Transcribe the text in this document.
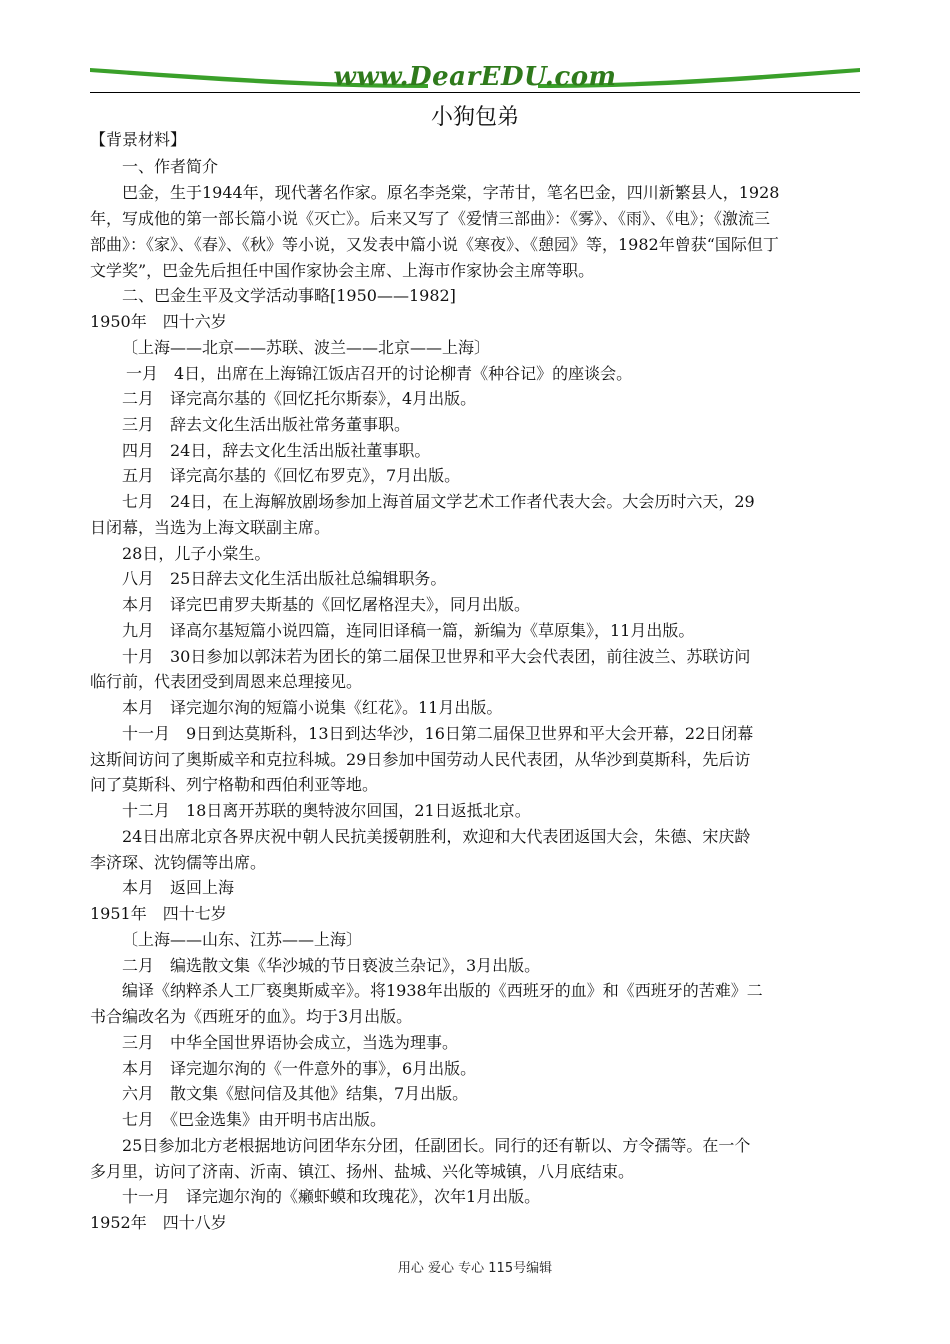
www.DearEDU.com
小狗包弟
【背景材料】
一、作者简介
巴金，生于1944年，现代著名作家。原名李尧棠，字芾甘，笔名巴金，四川新繁县人，1928
年，写成他的第一部长篇小说《灭亡》。后来又写了《爱情三部曲》：《雾》、《雨》、《电》；《激流三
部曲》：《家》、《春》、《秋》等小说，又发表中篇小说《寒夜》、《憩园》等，1982年曾获“国际但丁
文学奖”，巴金先后担任中国作家协会主席、上海市作家协会主席等职。
二、巴金生平及文学活动事略[1950——1982]
1950年　四十六岁
〔上海——北京——苏联、波兰——北京——上海〕
一月　4日，出席在上海锦江饭店召开的讨论柳青《种谷记》的座谈会。
二月　译完高尔基的《回忆托尔斯泰》，4月出版。
三月　辞去文化生活出版社常务董事职。
四月　24日，辞去文化生活出版社董事职。
五月　译完高尔基的《回忆布罗克》，7月出版。
七月　24日，在上海解放剧场参加上海首届文学艺术工作者代表大会。大会历时六天，29
日闭幕，当选为上海文联副主席。
28日，儿子小棠生。
八月　25日辞去文化生活出版社总编辑职务。
本月　译完巴甫罗夫斯基的《回忆屠格涅夫》，同月出版。
九月　译高尔基短篇小说四篇，连同旧译稿一篇，新编为《草原集》，11月出版。
十月　30日参加以郭沫若为团长的第二届保卫世界和平大会代表团，前往波兰、苏联访问
临行前，代表团受到周恩来总理接见。
本月　译完迦尔洵的短篇小说集《红花》。11月出版。
十一月　9日到达莫斯科，13日到达华沙，16日第二届保卫世界和平大会开幕，22日闭幕
这斯间访问了奥斯威辛和克拉科城。29日参加中国劳动人民代表团，从华沙到莫斯科，先后访
问了莫斯科、列宁格勒和西伯利亚等地。
十二月　18日离开苏联的奥特波尔回国，21日返抵北京。
24日出席北京各界庆祝中朝人民抗美援朝胜利，欢迎和大代表团返国大会，朱德、宋庆龄
李济琛、沈钧儒等出席。
本月　返回上海
1951年　四十七岁
〔上海——山东、江苏——上海〕
二月　编选散文集《华沙城的节日亵波兰杂记》，3月出版。
编译《纳粹杀人工厂亵奥斯威辛》。将1938年出版的《西班牙的血》和《西班牙的苦难》二
书合编改名为《西班牙的血》。均于3月出版。
三月　中华全国世界语协会成立，当选为理事。
本月　译完迦尔洵的《一件意外的事》，6月出版。
六月　散文集《慰问信及其他》结集，7月出版。
七月　《巴金选集》由开明书店出版。
25日参加北方老根据地访问团华东分团，任副团长。同行的还有靳以、方令孺等。在一个
多月里，访问了济南、沂南、镇江、扬州、盐城、兴化等城镇，八月底结束。
十一月　译完迦尔洵的《癞虾蟆和玫瑰花》，次年1月出版。
1952年　四十八岁
用心 爱心 专心 115号编辑
